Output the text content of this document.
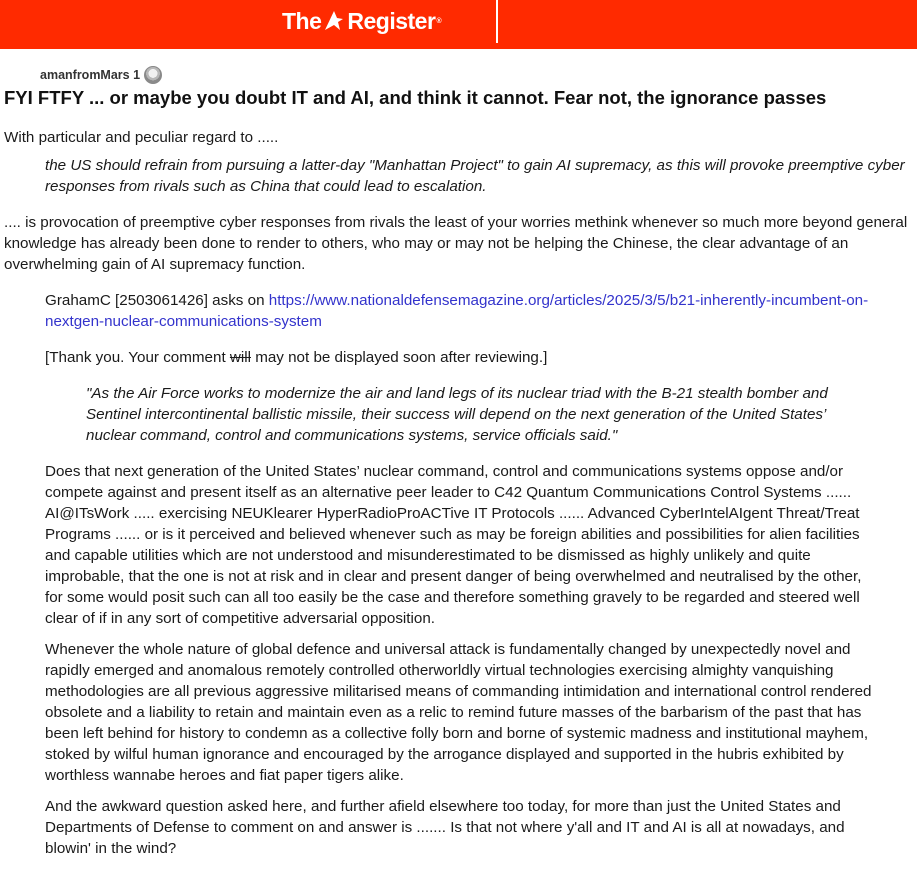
The Register ®
amanfromMars 1
FYI FTFY ... or maybe you doubt IT and AI, and think it cannot. Fear not, the ignorance passes

With particular and peculiar regard to .....

the US should refrain from pursuing a latter-day "Manhattan Project" to gain AI supremacy, as this will provoke preemptive cyber responses from rivals such as China that could lead to escalation.

.... is provocation of preemptive cyber responses from rivals the least of your worries methink whenever so much more beyond general knowledge has already been done to render to others, who may or may not be helping the Chinese, the clear advantage of an overwhelming gain of AI supremacy function.

GrahamC [2503061426] asks on https://www.nationaldefensemagazine.org/articles/2025/3/5/b21-inherently-incumbent-on-nextgen-nuclear-communications-system

[Thank you. Your comment will may not be displayed soon after reviewing.]

"As the Air Force works to modernize the air and land legs of its nuclear triad with the B-21 stealth bomber and Sentinel intercontinental ballistic missile, their success will depend on the next generation of the United States’ nuclear command, control and communications systems, service officials said."

Does that next generation of the United States’ nuclear command, control and communications systems oppose and/or compete against and present itself as an alternative peer leader to C42 Quantum Communications Control Systems ...... AI@ITsWork ..... exercising NEUKlearer HyperRadioProACTive IT Protocols ...... Advanced CyberIntelAIgent Threat/Treat Programs ...... or is it perceived and believed whenever such as may be foreign abilities and possibilities for alien facilities and capable utilities which are not understood and misunderestimated to be dismissed as highly unlikely and quite improbable, that the one is not at risk and in clear and present danger of being overwhelmed and neutralised by the other, for some would posit such can all too easily be the case and therefore something gravely to be regarded and steered well clear of if in any sort of competitive adversarial opposition.

Whenever the whole nature of global defence and universal attack is fundamentally changed by unexpectedly novel and rapidly emerged and anomalous remotely controlled otherworldly virtual technologies exercising almighty vanquishing methodologies are all previous aggressive militarised means of commanding intimidation and international control rendered obsolete and a liability to retain and maintain even as a relic to remind future masses of the barbarism of the past that has been left behind for history to condemn as a collective folly born and borne of systemic madness and institutional mayhem, stoked by wilful human ignorance and encouraged by the arrogance displayed and supported in the hubris exhibited by worthless wannabe heroes and fiat paper tigers alike.

And the awkward question asked here, and further afield elsewhere too today, for more than just the United States and Departments of Defense to comment on and answer is ....... Is that not where y'all and IT and AI is all at nowadays, and blowin' in the wind?
